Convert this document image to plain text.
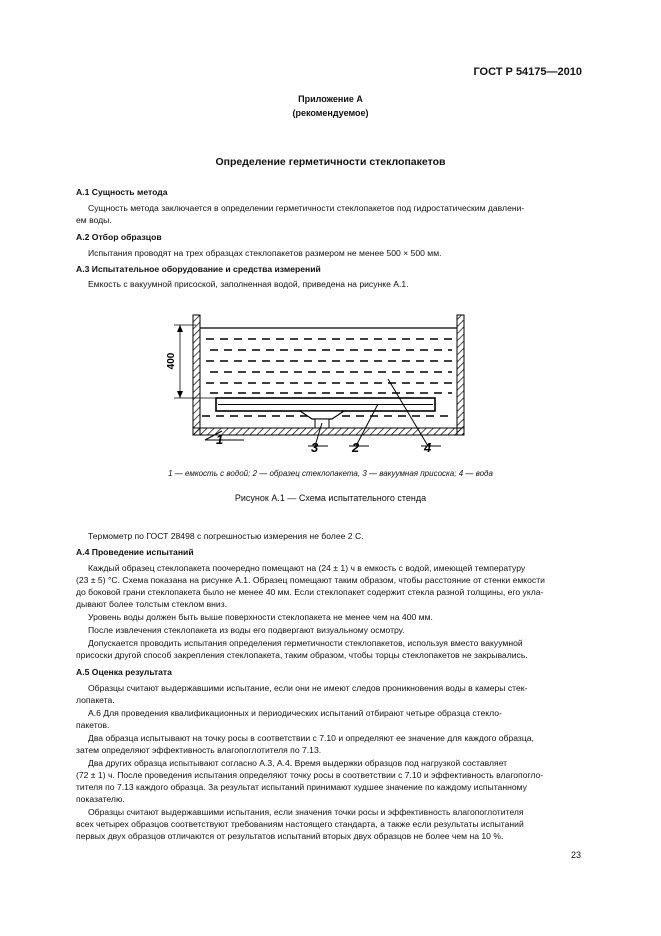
ГОСТ Р 54175—2010
Приложение А
(рекомендуемое)
Определение герметичности стеклопакетов
А.1 Сущность метода
Сущность метода заключается в определении герметичности стеклопакетов под гидростатическим давлени-
ем воды.
А.2 Отбор образцов
Испытания проводят на трех образцах стеклопакетов размером не менее 500 × 500 мм.
А.3 Испытательное оборудование и средства измерений
Емкость с вакуумной присоской, заполненная водой, приведена на рисунке А.1.
400
1
3	2	4
1 — емкость с водой; 2 — образец стеклопакета, 3 — вакуумная присоска; 4 — вода
Рисунок А.1 — Схема испытательного стенда
Термометр по ГОСТ 28498 с погрешностью измерения не более 2 С.
А.4 Проведение испытаний
Каждый образец стеклопакета поочередно помещают на (24 ± 1) ч в емкость с водой, имеющей температуру
(23 ± 5) °С. Схема показана на рисунке А.1. Образец помещают таким образом, чтобы расстояние от стенки емкости
до боковой грани стеклопакета было не менее 40 мм. Если стеклопакет содержит стекла разной толщины, его укла-
дывают более толстым стеклом вниз.
Уровень воды должен быть выше поверхности стеклопакета не менее чем на 400 мм.
После извлечения стеклопакета из воды его подвергают визуальному осмотру.
Допускается проводить испытания определения герметичности стеклопакетов, используя вместо вакуумной
присоски другой способ закрепления стеклопакета, таким образом, чтобы торцы стеклопакетов не закрывались.
А.5 Оценка результата
Образцы считают выдержавшими испытание, если они не имеют следов проникновения воды в камеры стек-
лопакета.
А.6 Для проведения квалификационных и периодических испытаний отбирают четыре образца стекло-
пакетов.
Два образца испытывают на точку росы в соответствии с 7.10 и определяют ее значение для каждого образца,
затем определяют эффективность влагопоглотителя по 7.13.
Два других образца испытывают согласно А.3, А.4. Время выдержки образцов под нагрузкой составляет
(72 ± 1) ч. После проведения испытания определяют точку росы в соответствии с 7.10 и эффективность влагопогло-
тителя по 7.13 каждого образца. За результат испытаний принимают худшее значение по каждому испытанному
показателю.
Образцы считают выдержавшими испытания, если значения точки росы и эффективность влагопоглотителя
всех четырех образцов соответствуют требованиям настоящего стандарта, а также если результаты испытаний
первых двух образцов отличаются от результатов испытаний вторых двух образцов не более чем на 10 %.
23
